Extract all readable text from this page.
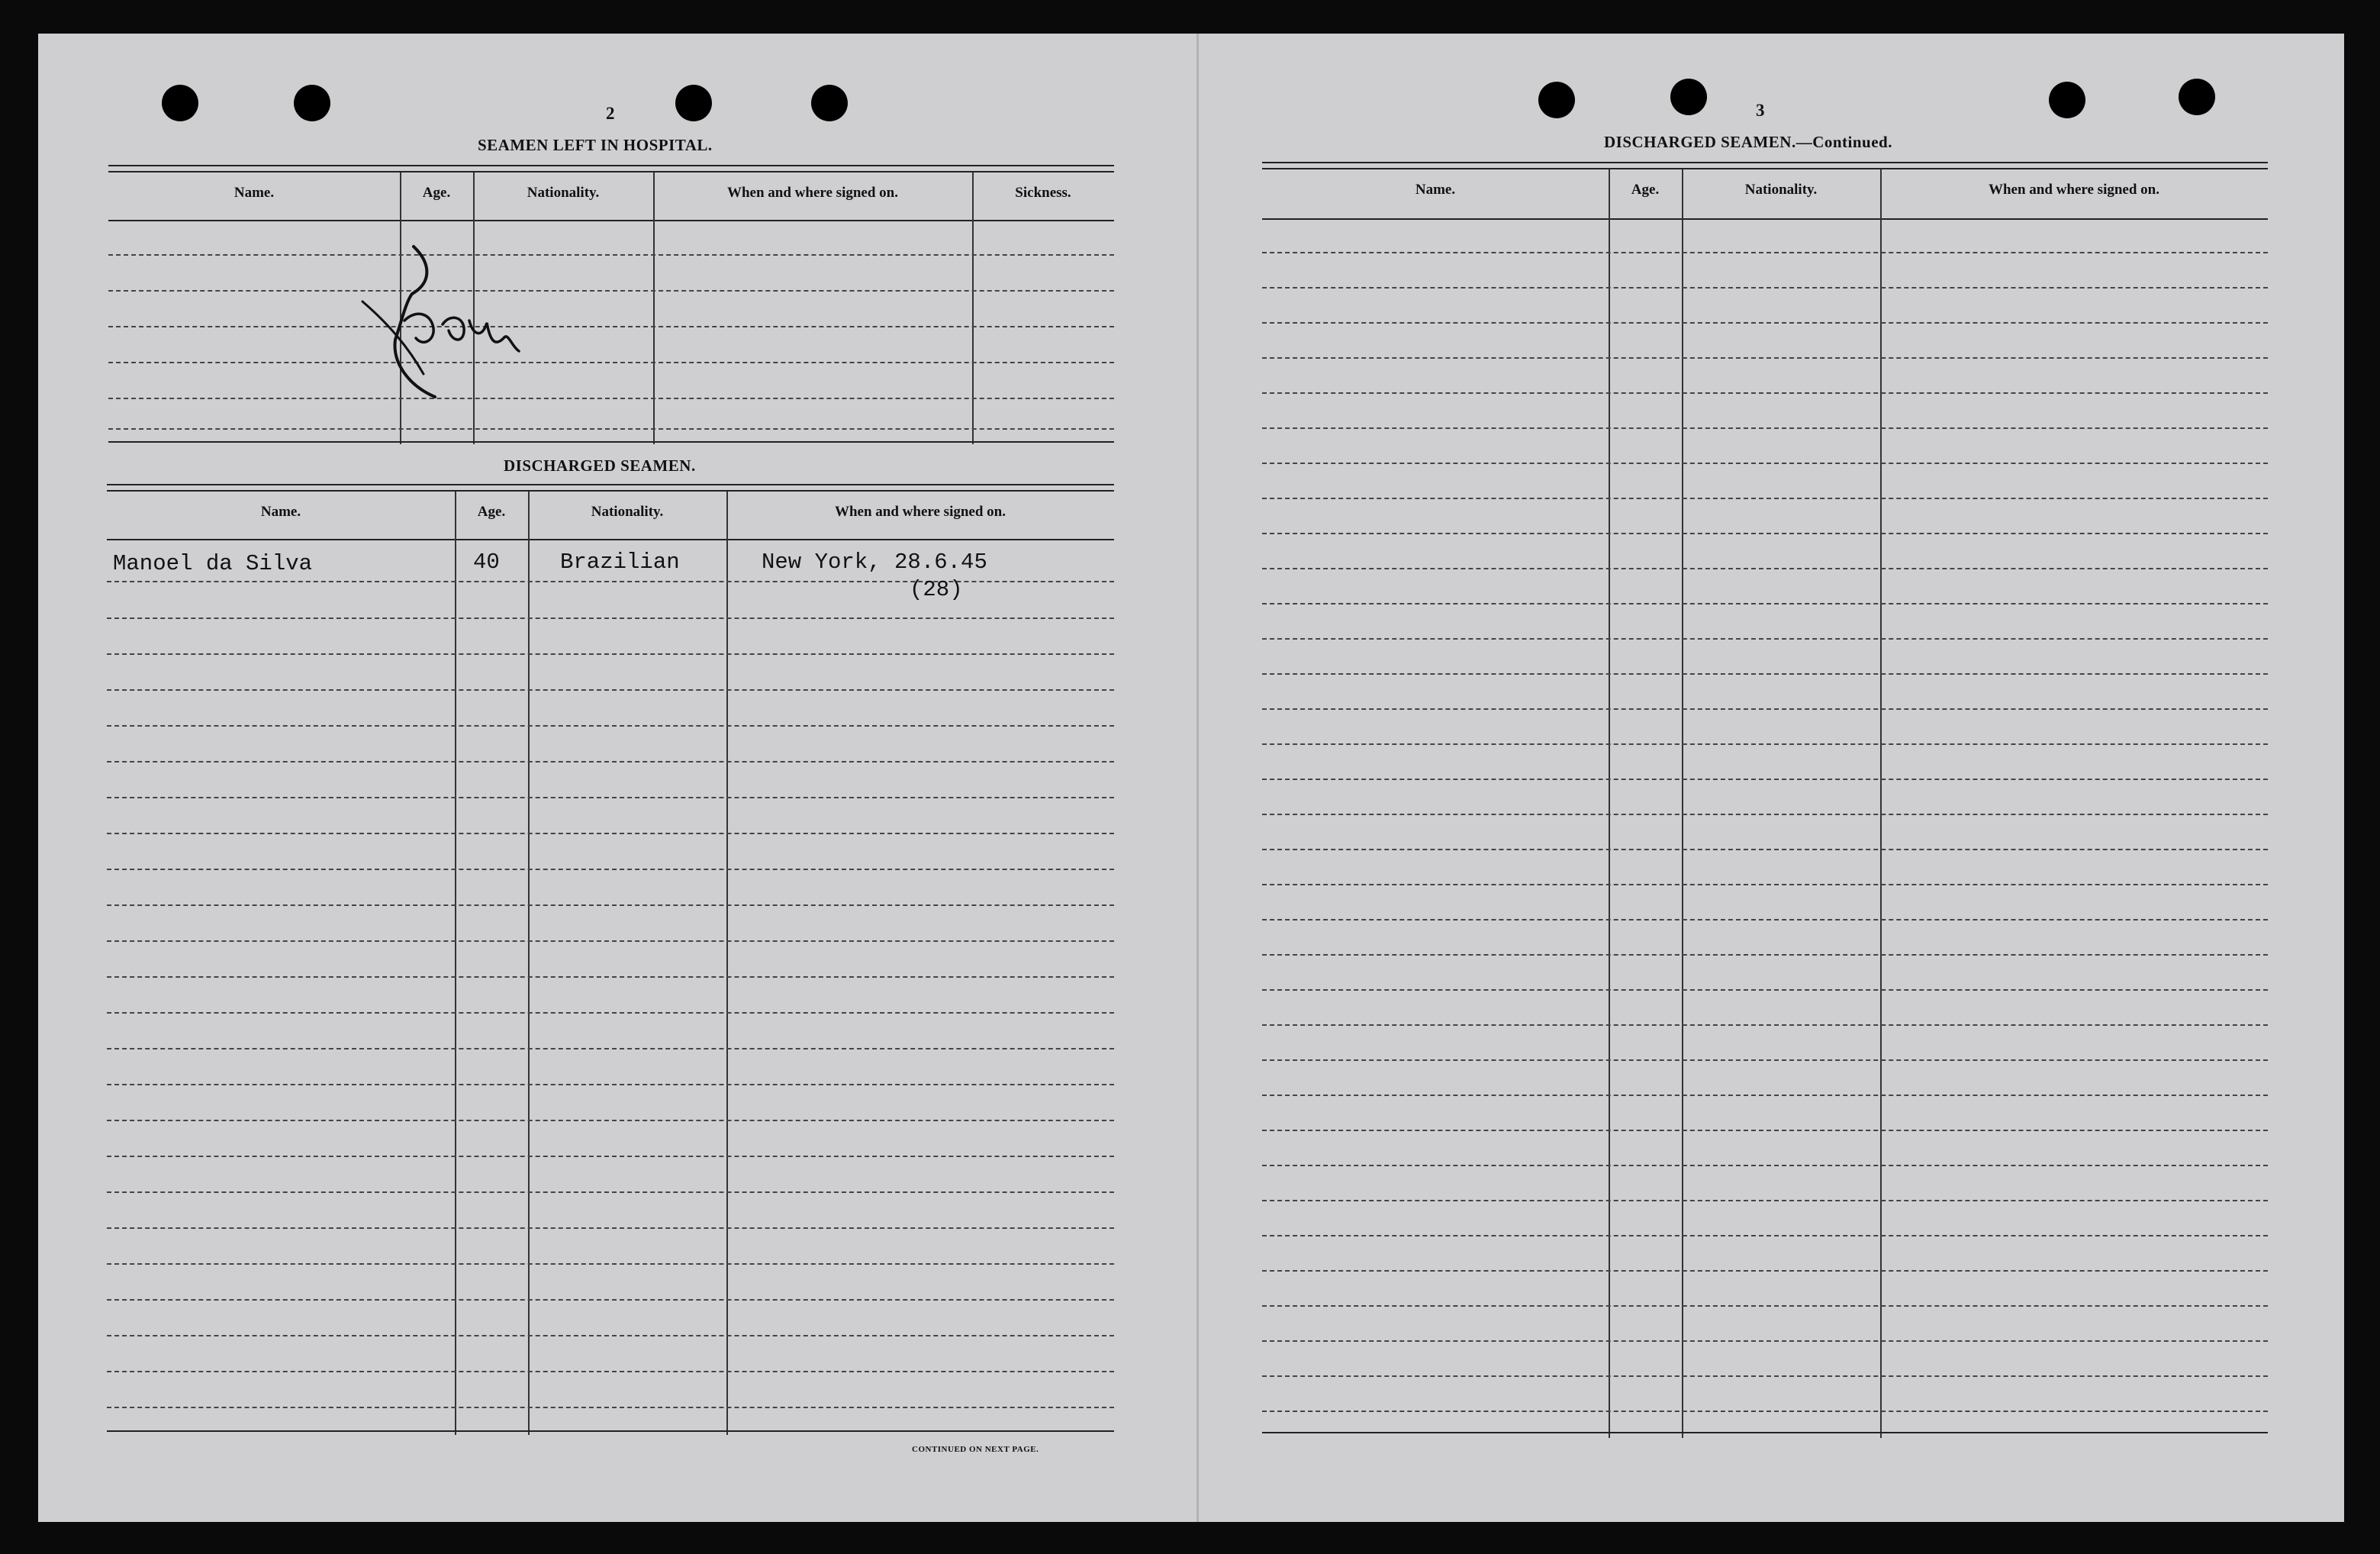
2
SEAMEN LEFT IN HOSPITAL.
Name.	Age.	Nationality.	When and where signed on.	Sickness.
DISCHARGED SEAMEN.
Name.	Age.	Nationality.	When and where signed on.
Manoel da Silva	40	Brazilian	New York, 28.6.45
(28)
CONTINUED ON NEXT PAGE.
3
DISCHARGED SEAMEN.—Continued.
Name.	Age.	Nationality.	When and where signed on.
